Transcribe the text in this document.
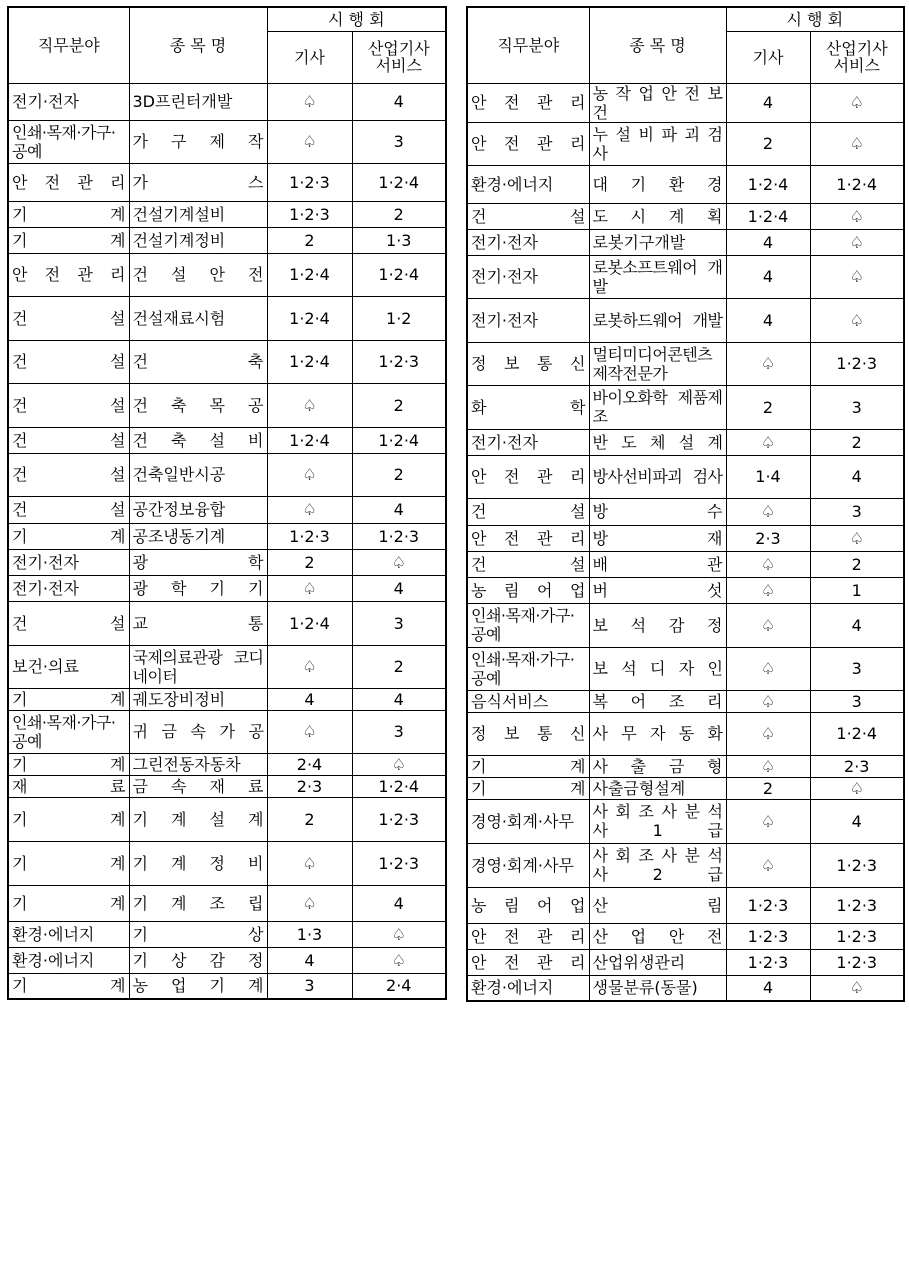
직무분야	종 목 명	시 행 회	
		기사	산업기사
서비스
전기·전자	3D프린터개발	♤	4
인쇄·목재·가구·공예	가 구 제 작	♤	3
안 전 관 리	가 스	1·2·3	1·2·4
기 계	건설기계설비	1·2·3	2
기 계	건설기계정비	2	1·3
안 전 관 리	건 설 안 전	1·2·4	1·2·4
건 설	건설재료시험	1·2·4	1·2
건 설	건 축	1·2·4	1·2·3
건 설	건 축 목 공	♤	2
건 설	건 축 설 비	1·2·4	1·2·4
건 설	건축일반시공	♤	2
건 설	공간정보융합	♤	4
기 계	공조냉동기계	1·2·3	1·2·3
전기·전자	광 학	2	♤
전기·전자	광 학 기 기	♤	4
건 설	교 통	1·2·4	3
보건·의료	국제의료관광 코디네이터	♤	2
기 계	궤도장비정비	4	4
인쇄·목재·가구·공예	귀 금 속 가 공	♤	3
기 계	그린전동자동차	2·4	♤
재 료	금 속 재 료	2·3	1·2·4
기 계	기 계 설 계	2	1·2·3
기 계	기 계 정 비	♤	1·2·3
기 계	기 계 조 립	♤	4
환경·에너지	기 상	1·3	♤
환경·에너지	기 상 감 정	4	♤
기 계	농 업 기 계	3	2·4
직무분야	종 목 명	시 행 회	
		기사	산업기사
서비스
안 전 관 리	농 작 업 안 전 보 건	4	♤
안 전 관 리	누 설 비 파 괴 검 사	2	♤
환경·에너지	대 기 환 경	1·2·4	1·2·4
건 설	도 시 계 획	1·2·4	♤
전기·전자	로봇기구개발	4	♤
전기·전자	로봇소프트웨어 개발	4	♤
전기·전자	로봇하드웨어 개발	4	♤
정 보 통 신	멀티미디어콘텐츠 제작전문가	♤	1·2·3
화 학	바이오화학 제품제조	2	3
전기·전자	반 도 체 설 계	♤	2
안 전 관 리	방사선비파괴 검사	1·4	4
건 설	방 수	♤	3
안 전 관 리	방 재	2·3	♤
건 설	배 관	♤	2
농 림 어 업	버 섯	♤	1
인쇄·목재·가구·공예	보 석 감 정	♤	4
인쇄·목재·가구·공예	보 석 디 자 인	♤	3
음식서비스	복 어 조 리	♤	3
정 보 통 신	사 무 자 동 화	♤	1·2·4
기 계	사 출 금 형	♤	2·3
기 계	사출금형설계	2	♤
경영·회계·사무	사 회 조 사 분 석 사 1 급	♤	4
경영·회계·사무	사 회 조 사 분 석 사 2 급	♤	1·2·3
농 림 어 업	산 림	1·2·3	1·2·3
안 전 관 리	산 업 안 전	1·2·3	1·2·3
안 전 관 리	산업위생관리	1·2·3	1·2·3
환경·에너지	생물분류(동물)	4	♤
